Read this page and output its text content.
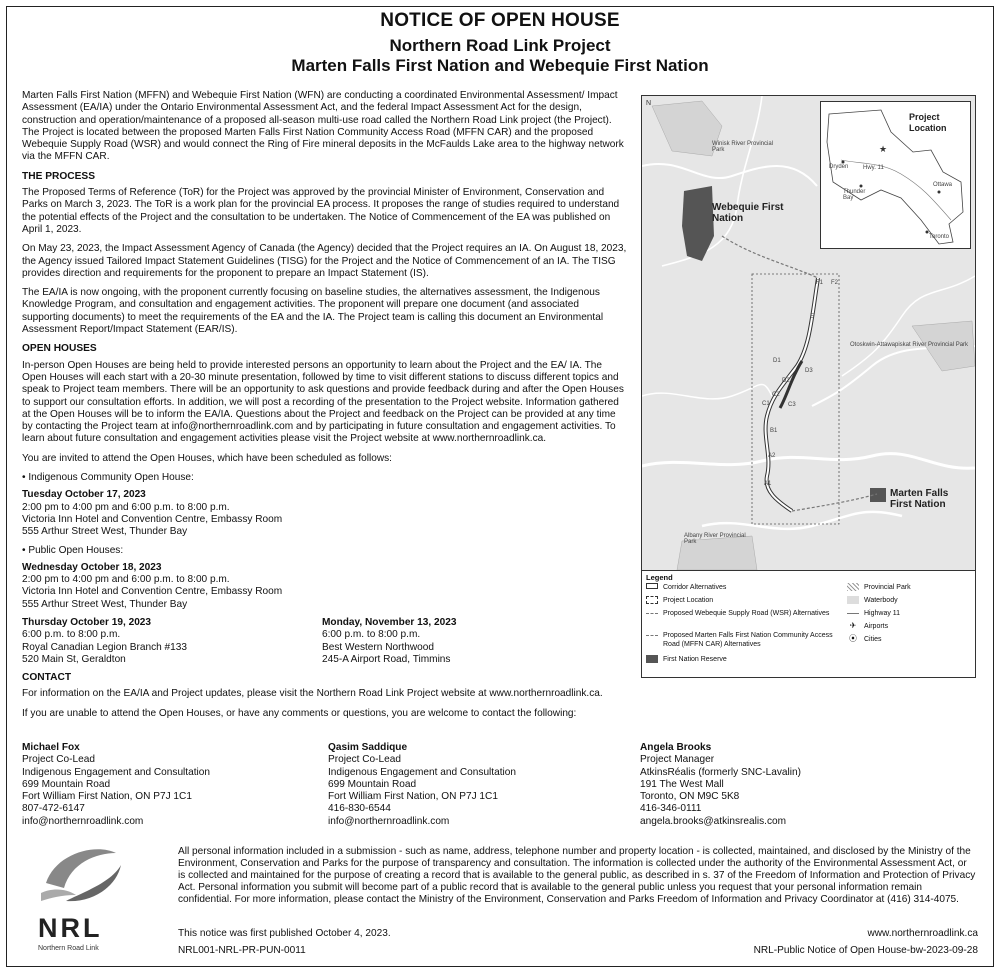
NOTICE OF OPEN HOUSE
Northern Road Link Project
Marten Falls First Nation and Webequie First Nation

Marten Falls First Nation (MFFN) and Webequie First Nation (WFN) are conducting a coordinated Environmental Assessment/ Impact Assessment (EA/IA) under the Ontario Environmental Assessment Act, and the federal Impact Assessment Act for the design, construction and operation/maintenance of a proposed all-season multi-use road called the Northern Road Link project (the Project). The Project is located between the proposed Marten Falls First Nation Community Access Road (MFFN CAR) and the proposed Webequie Supply Road (WSR) and would connect the Ring of Fire mineral deposits in the McFaulds Lake area to the highway network via the MFFN CAR.

THE PROCESS

The Proposed Terms of Reference (ToR) for the Project was approved by the provincial Minister of Environment, Conservation and Parks on March 3, 2023. The ToR is a work plan for the provincial EA process. It proposes the range of studies required to understand the potential effects of the Project and the consultation to be undertaken. The Notice of Commencement of the EA was published on April 1, 2023.

On May 23, 2023, the Impact Assessment Agency of Canada (the Agency) decided that the Project requires an IA. On August 18, 2023, the Agency issued Tailored Impact Statement Guidelines (TISG) for the Project and the Notice of Commencement of an IA. The TISG provides direction and requirements for the proponent to prepare an Impact Statement (IS).

The EA/IA is now ongoing, with the proponent currently focusing on baseline studies, the alternatives assessment, the Indigenous Knowledge Program, and consultation and engagement activities. The proponent will prepare one document (and associated supporting documents) to meet the requirements of the EA and the IA. The Project team is calling this document an Environmental Assessment Report/Impact Statement (EAR/IS).

OPEN HOUSES

In-person Open Houses are being held to provide interested persons an opportunity to learn about the Project and the EA/ IA. The Open Houses will each start with a 20-30 minute presentation, followed by time to visit different stations to discuss different topics and speak to Project team members. There will be an opportunity to ask questions and provide feedback during and after the Open Houses to support our consultation efforts. In addition, we will post a recording of the presentation to the Project website. Information gathered at the Open Houses will be to inform the EA/IA. Questions about the Project and feedback on the Project can be provided at any time by contacting the Project team at info@northernroadlink.com and by participating in future consultation and engagement activities. To learn about future consultation and engagement activities please visit the Project website at www.northernroadlink.ca.

You are invited to attend the Open Houses, which have been scheduled as follows:

• Indigenous Community Open House:
Tuesday October 17, 2023
2:00 pm to 4:00 pm and 6:00 p.m. to 8:00 p.m.
Victoria Inn Hotel and Convention Centre, Embassy Room
555 Arthur Street West, Thunder Bay
• Public Open Houses:
Wednesday October 18, 2023
2:00 pm to 4:00 pm and 6:00 p.m. to 8:00 p.m.
Victoria Inn Hotel and Convention Centre, Embassy Room
555 Arthur Street West, Thunder Bay
Thursday October 19, 2023
6:00 p.m. to 8:00 p.m.
Royal Canadian Legion Branch #133
520 Main St, Geraldton
Monday, November 13, 2023
6:00 p.m. to 8:00 p.m.
Best Western Northwood
245-A Airport Road, Timmins
CONTACT

For information on the EA/IA and Project updates, please visit the Northern Road Link Project website at www.northernroadlink.ca.

If you are unable to attend the Open Houses, or have any comments or questions, you are welcome to contact the following:

Michael Fox
Project Co-Lead
Indigenous Engagement and Consultation
699 Mountain Road
Fort William First Nation, ON P7J 1C1
807-472-6147
info@northernroadlink.com
Qasim Saddique
Project Co-Lead
Indigenous Engagement and Consultation
699 Mountain Road
Fort William First Nation, ON P7J 1C1
416-830-6544
info@northernroadlink.com
Angela Brooks
Project Manager
AtkinsRéalis (formerly SNC-Lavalin)
191 The West Mall
Toronto, ON M9C 5K8
416-346-0111
angela.brooks@atkinsrealis.com
N
Winisk River Provincial Park
Webequie First Nation
Otoskwin-Attawapiskat River Provincial Park
Marten Falls First Nation
Albany River Provincial Park
F1 F2
E
D1
D2
D3
C1
C2
C3
B1
A2
A1
★
Project Location
Dryden Hwy. 11
Thunder Bay
Ottawa
Toronto
Legend
Corridor Alternatives
Project Location
Proposed Webequie Supply Road (WSR) Alternatives
Proposed Marten Falls First Nation Community Access Road (MFFN CAR) Alternatives
First Nation Reserve
Provincial Park
Waterbody
Highway 11
✈	Airports
⦿ Cities
NRL
Northern Road Link
All personal information included in a submission - such as name, address, telephone number and property location - is collected, maintained, and disclosed by the Ministry of the Environment, Conservation and Parks for the purpose of transparency and consultation. The information is collected under the authority of the Environmental Assessment Act, or is collected and maintained for the purpose of creating a record that is available to the general public, as described in s. 37 of the Freedom of Information and Protection of Privacy Act. Personal information you submit will become part of a public record that is available to the general public unless you request that your personal information remain confidential. For more information, please contact the Ministry of the Environment, Conservation and Parks Freedom of Information and Privacy Coordinator at (416) 314-4075.
This notice was first published October 4, 2023.
NRL001-NRL-PR-PUN-0011
www.northernroadlink.ca
NRL-Public Notice of Open House-bw-2023-09-28
